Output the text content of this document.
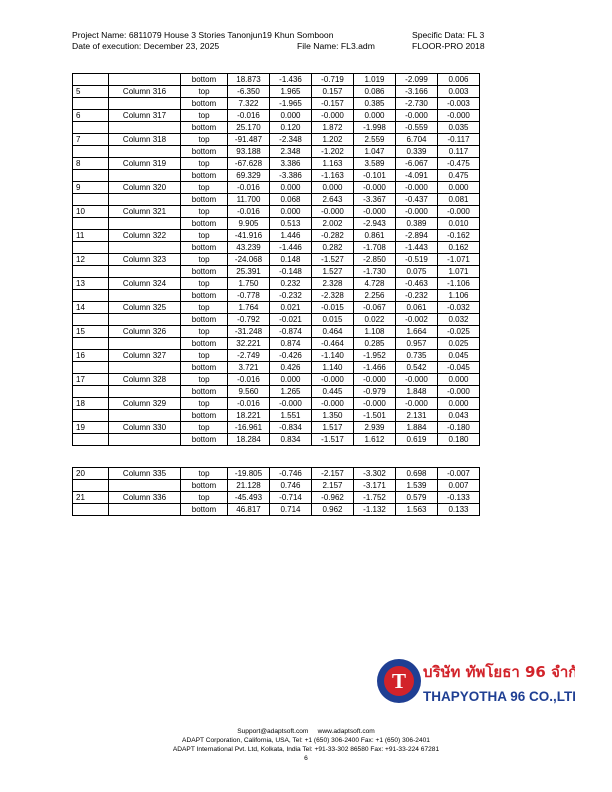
Project Name: 6811079 House 3 Stories Tanonjun19 Khun Somboon	Specific Data: FL 3
Date of execution: December 23, 2025	File Name: FL3.adm	FLOOR-PRO 2018
		bottom	18.873	-1.436	-0.719	1.019	-2.099	0.006
5	Column 316	top	-6.350	1.965	0.157	0.086	-3.166	0.003
		bottom	7.322	-1.965	-0.157	0.385	-2.730	-0.003
6	Column 317	top	-0.016	0.000	-0.000	0.000	-0.000	-0.000
		bottom	25.170	0.120	1.872	-1.998	-0.559	0.035
7	Column 318	top	-91.487	-2.348	1.202	2.559	6.704	-0.117
		bottom	93.188	2.348	-1.202	1.047	0.339	0.117
8	Column 319	top	-67.628	3.386	1.163	3.589	-6.067	-0.475
		bottom	69.329	-3.386	-1.163	-0.101	-4.091	0.475
9	Column 320	top	-0.016	0.000	0.000	-0.000	-0.000	0.000
		bottom	11.700	0.068	2.643	-3.367	-0.437	0.081
10	Column 321	top	-0.016	0.000	-0.000	-0.000	-0.000	-0.000
		bottom	9.905	0.513	2.002	-2.943	0.389	0.010
11	Column 322	top	-41.916	1.446	-0.282	0.861	-2.894	-0.162
		bottom	43.239	-1.446	0.282	-1.708	-1.443	0.162
12	Column 323	top	-24.068	0.148	-1.527	-2.850	-0.519	-1.071
		bottom	25.391	-0.148	1.527	-1.730	0.075	1.071
13	Column 324	top	1.750	0.232	2.328	4.728	-0.463	-1.106
		bottom	-0.778	-0.232	-2.328	2.256	-0.232	1.106
14	Column 325	top	1.764	0.021	-0.015	-0.067	0.061	-0.032
		bottom	-0.792	-0.021	0.015	0.022	-0.002	0.032
15	Column 326	top	-31.248	-0.874	0.464	1.108	1.664	-0.025
		bottom	32.221	0.874	-0.464	0.285	0.957	0.025
16	Column 327	top	-2.749	-0.426	-1.140	-1.952	0.735	0.045
		bottom	3.721	0.426	1.140	-1.466	0.542	-0.045
17	Column 328	top	-0.016	0.000	-0.000	-0.000	-0.000	0.000
		bottom	9.560	1.265	0.445	-0.979	1.848	-0.000
18	Column 329	top	-0.016	-0.000	-0.000	-0.000	-0.000	0.000
		bottom	18.221	1.551	1.350	-1.501	2.131	0.043
19	Column 330	top	-16.961	-0.834	1.517	2.939	1.884	-0.180
		bottom	18.284	0.834	-1.517	1.612	0.619	0.180
20	Column 335	top	-19.805	-0.746	-2.157	-3.302	0.698	-0.007
		bottom	21.128	0.746	2.157	-3.171	1.539	0.007
21	Column 336	top	-45.493	-0.714	-0.962	-1.752	0.579	-0.133
		bottom	46.817	0.714	0.962	-1.132	1.563	0.133
T บริษัท ทัพโยธา 96 จำกัด
THAPYOTHA 96 CO.,LTD.
Support@adaptsoft.com www.adaptsoft.com
ADAPT Corporation, California, USA, Tel: +1 (650) 306-2400 Fax: +1 (650) 306-2401
ADAPT International Pvt. Ltd, Kolkata, India Tel: +91-33-302 86580 Fax: +91-33-224 67281
6
